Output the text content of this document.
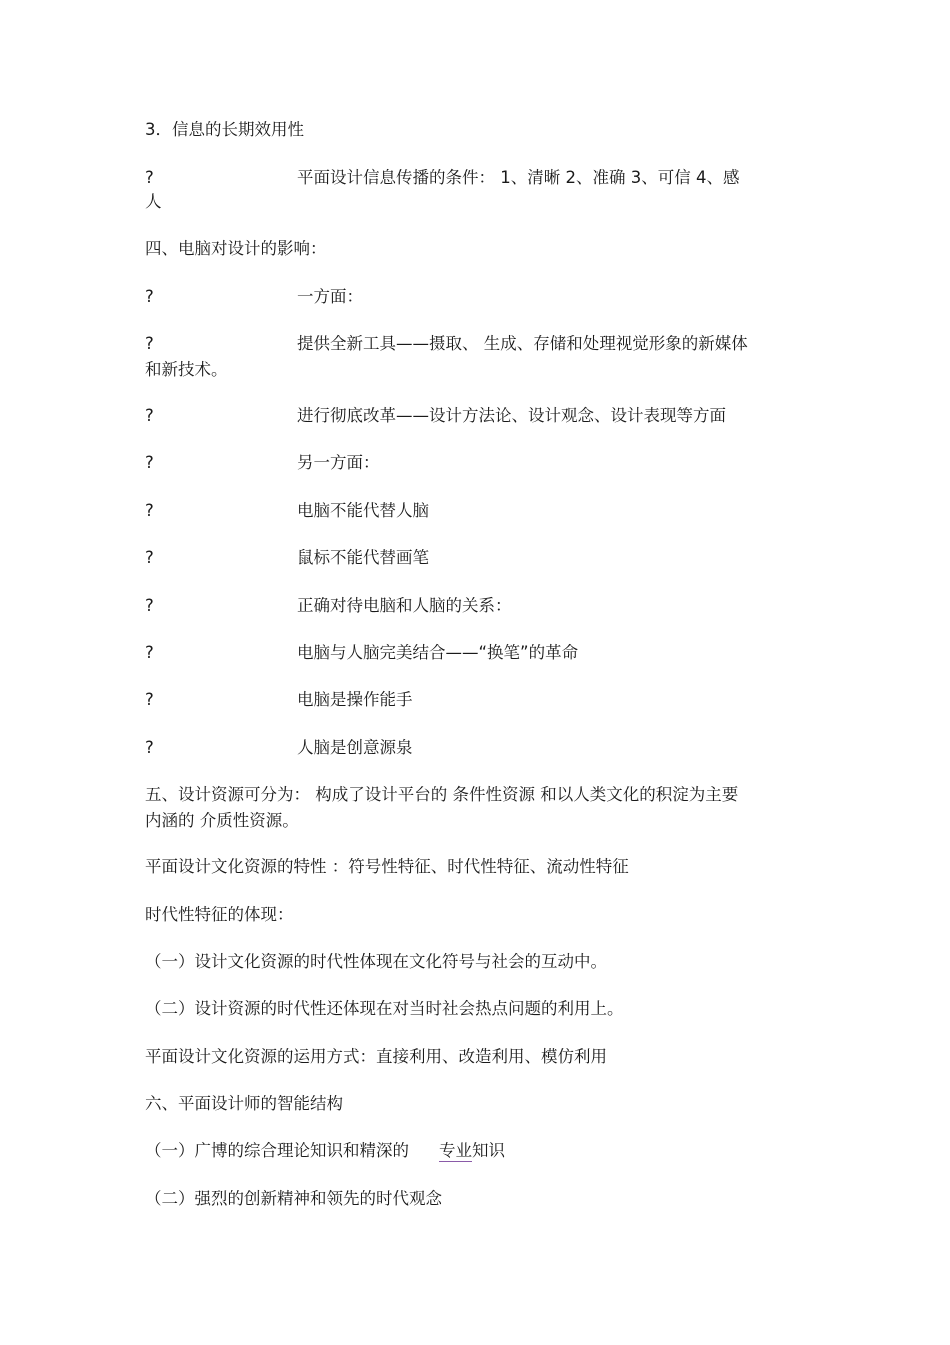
3．信息的长期效用性
?	平面设计信息传播的条件： 1、清晰 2、准确 3、可信 4、感
人
四、电脑对设计的影响：
?	一方面：
?	提供全新工具——摄取、 生成、存储和处理视觉形象的新媒体
和新技术。
?	进行彻底改革——设计方法论、设计观念、设计表现等方面
?	另一方面：
?	电脑不能代替人脑
?	鼠标不能代替画笔
?	正确对待电脑和人脑的关系：
?	电脑与人脑完美结合——“换笔”的革命
?	电脑是操作能手
?	人脑是创意源泉
五、设计资源可分为： 构成了设计平台的 条件性资源 和以人类文化的积淀为主要
内涵的 介质性资源。
平面设计文化资源的特性 ：符号性特征、时代性特征、流动性特征
时代性特征的体现：
（一）设计文化资源的时代性体现在文化符号与社会的互动中。
（二）设计资源的时代性还体现在对当时社会热点问题的利用上。
平面设计文化资源的运用方式：直接利用、改造利用、模仿利用
六、平面设计师的智能结构
（一）广博的综合理论知识和精深的 专业知识
（二）强烈的创新精神和领先的时代观念
